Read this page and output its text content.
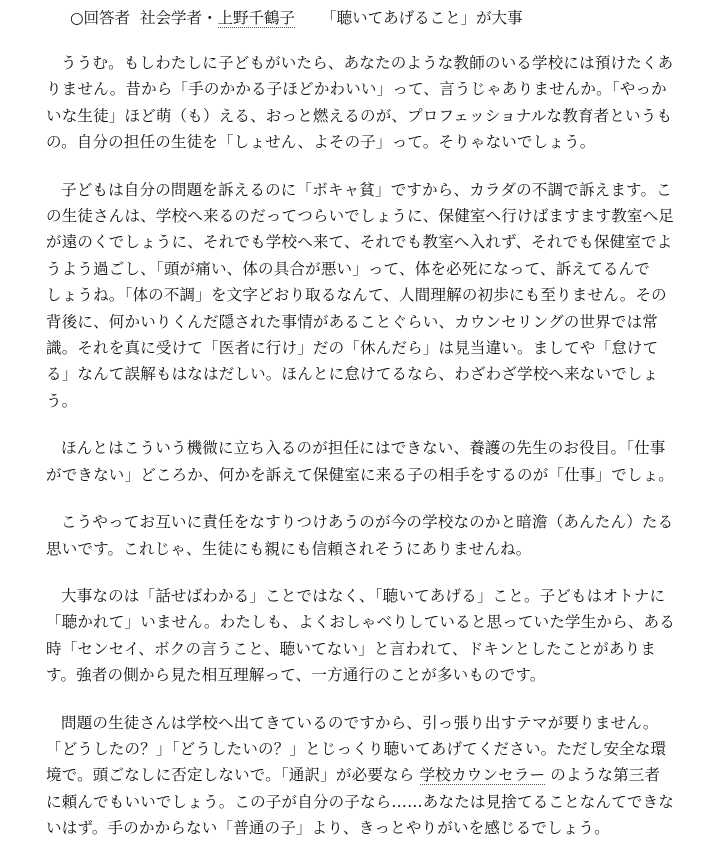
○回答者 社会学者・上野千鶴子 「聴いてあげること」が大事
ううむ。もしわたしに子どもがいたら、あなたのような教師のいる学校には預けたくあ
りません。昔から「手のかかる子ほどかわいい」って、言うじゃありませんか。「やっか
いな生徒」ほど萌（も）える、おっと燃えるのが、プロフェッショナルな教育者というも
の。自分の担任の生徒を「しょせん、よその子」って。そりゃないでしょう。
子どもは自分の問題を訴えるのに「ボキャ貧」ですから、カラダの不調で訴えます。こ
の生徒さんは、学校へ来るのだってつらいでしょうに、保健室へ行けばますます教室へ足
が遠のくでしょうに、それでも学校へ来て、それでも教室へ入れず、それでも保健室でよ
うよう過ごし、「頭が痛い、体の具合が悪い」って、体を必死になって、訴えてるんで
しょうね。「体の不調」を文字どおり取るなんて、人間理解の初歩にも至りません。その
背後に、何かいりくんだ隠された事情があることぐらい、カウンセリングの世界では常
識。それを真に受けて「医者に行け」だの「休んだら」は見当違い。ましてや「怠けて
る」なんて誤解もはなはだしい。ほんとに怠けてるなら、わざわざ学校へ来ないでしょ
う。
ほんとはこういう機微に立ち入るのが担任にはできない、養護の先生のお役目。「仕事
ができない」どころか、何かを訴えて保健室に来る子の相手をするのが「仕事」でしょ。
こうやってお互いに責任をなすりつけあうのが今の学校なのかと暗澹（あんたん）たる
思いです。これじゃ、生徒にも親にも信頼されそうにありませんね。
大事なのは「話せばわかる」ことではなく、「聴いてあげる」こと。子どもはオトナに
「聴かれて」いません。わたしも、よくおしゃべりしていると思っていた学生から、ある
時「センセイ、ボクの言うこと、聴いてない」と言われて、ドキンとしたことがありま
す。強者の側から見た相互理解って、一方通行のことが多いものです。
問題の生徒さんは学校へ出てきているのですから、引っ張り出すテマが要りません。
「どうしたの？」「どうしたいの？」とじっくり聴いてあげてください。ただし安全な環
境で。頭ごなしに否定しないで。「通訳」が必要なら 学校カウンセラー のような第三者
に頼んでもいいでしょう。この子が自分の子なら……あなたは見捨てることなんてできな
いはず。手のかからない「普通の子」より、きっとやりがいを感じるでしょう。
